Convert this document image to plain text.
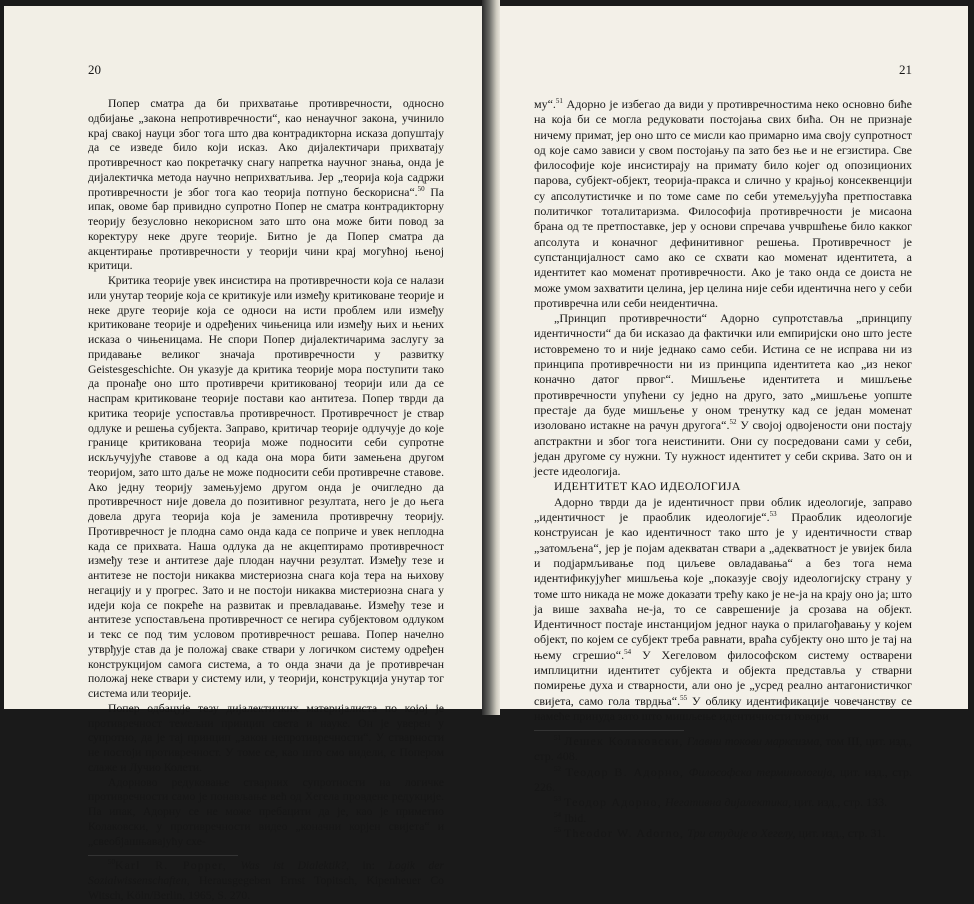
20

Попер сматра да би прихватање противречности, односно одбијање „закона непротивречности“, као ненаучног закона, учинило крај свакој науци због тога што два контрадикторна исказа допуштају да се изведе било који исказ. Ако дијалектичари прихватају противречност као покретачку снагу напретка научног знања, онда је дијалектичка метода научно неприхватљива. Јер „теорија која садржи противречности је због тога као теорија потпуно бескорисна“.$^{50}$ Па ипак, овоме бар привидно супротно Попер не сматра контрадикторну теорију безусловно некорисном зато што она може бити повод за коректуру неке друге теорије. Битно је да Попер сматра да акцентирање противречности у теорији чини крај могућној њеној критици.

Критика теорије увек инсистира на противречности која се налази или унутар теорије која се критикује или између критиковане теорије и неке друге теорије која се односи на исти проблем или између критиковане теорије и одређених чињеница или између њих и њених исказа о чињеницама. Не спори Попер дијалектичарима заслугу за придавање великог значаја противречности у развитку Geistesgeschichte. Он указује да критика теорије мора поступити тако да пронађе оно што противречи критикованој теорији или да се наспрам критиковане теорије постави као антитеза. Попер тврди да критика теорије успоставља противречност. Противречност је ствар одлуке и решења субјекта. Заправо, критичар теорије одлучује до које границе критикована теорија може подносити себи супротне искључујуће ставове а од када она мора бити замењена другом теоријом, зато што даље не може подносити себи противречне ставове. Ако једну теорију замењујемо другом онда је очигледно да противречност није довела до позитивног резултата, него је до њега довела друга теорија која је заменила противречну теорију. Противречност је плодна само онда када се поприче и увек неплодна када се прихвата. Наша одлука да не акцептирамо противречност између тезе и антитезе даје плодан научни резултат. Између тезе и антитезе не постоји никаква мистериозна снага која тера на њихову негацију и у прогрес. Зато и не постоји никаква мистериозна снага у идеји која се покреће на развитак и превладавање. Између тезе и антитезе успостављена противречност се негира субјектовом одлуком и текс се под тим условом противречност решава. Попер начелно утврђује став да је положај сваке ствари у логичком систему одређен конструкцијом самога система, а то онда значи да је противречан положај неке ствари у систему или, у теорији, конструкција унутар тог система или теорије.

Попер одбацује тезу дијалектичких материјалиста по којој је противречност темељни принцип света и науке. Он је уверен у супротно, да је тај принцип „закон непротивречности“. У стварности не постоји противречност. У томе се, као што смо видели, с Попером слаже и Лучио Колети.

Адорново редуковање стварних супротности на логичке противречности само је понављање већ од Хегела провдене редукције. Па ипак, Адорну се не може пребацити да је, као је приметио Колаковски, у противречности видео „коначни корјен свијета“ и „свеобјашњавајућу схе-

$^{50}$Karl R. Popper, Was ist Dialektik?, in: Logik der Sozialwissenschaften, Herausgegeben Ernst Topitsch, Kipenheuer Co Witsch, Köln/Berlin, 1965, S. 270.

21

му“.$^{51}$ Адорно је избегао да види у противречностима неко основно биће на која би се могла редуковати постојања свих бића. Он не признаје ничему примат, јер оно што се мисли као примарно има своју супротност од које само зависи у свом постојању па зато без ње и не егзистира. Све философије које инсистирају на примату било којег од опозиционих парова, субјект-објект, теорија-пракса и слично у крајњој консеквенцији су апсолутистичке и по томе саме по себи утемељујућа претпоставка политичког тоталитаризма. Философија противречности је мисаона брана од те претпоставке, јер у основи спречава учвршћење било какког апсолута и коначног дефинитивног решења. Противречност је супстанцијалност само ако се схвати као моменат идентитета, а идентитет као моменат противречности. Ако је тако онда се доиста не може умом захватити целина, јер целина није себи идентична него у себи противречна или себи неидентична.

„Принцип противречности“ Адорно супротставља „принципу идентичности“ да би исказао да фактички или емпиријски оно што јесте истовремено то и није једнако само себи. Истина се не исправа ни из принципа противречности ни из принципа идентитета као „из неког коначно датог првог“. Мишљење идентитета и мишљење противречности упућени су једно на друго, зато „мишљење уопште престаје да буде мишљење у оном тренутку кад се један моменат изоловано истакне на рачун другога“.$^{52}$ У својој одвојености они постају апстрактни и због тога неистинити. Они су посредовани сами у себи, један другоме су нужни. Ту нужност идентитет у себи скрива. Зато он и јесте идеологија.

ИДЕНТИТЕТ КАО ИДЕОЛОГИЈА

Адорно тврди да је идентичност први облик идеологије, заправо „идентичност је праоблик идеологије“.$^{53}$ Праоблик идеологије конструисан је као идентичност тако што је у идентичности ствар „затомљена“, јер је појам адекватан ствари а „адекватност је увијек била и подјармљивање под циљеве овладавања“ а без тога нема идентификујућег мишљења које „показује своју идеологијску страну у томе што никада не може доказати трећу како је не-ја на крају оно ја; што ја више захваћа не-ја, то се саврешеније ја срозава на објект. Идентичност постаје инстанцијом једног наука о прилагођавању у којем објект, по којем се субјект треба равнати, враћа субјекту оно што је тај на њему сгрешио“.$^{54}$ У Хегеловом философском систему остварени имплицитни идентитет субјекта и објекта представља у стварни помирење духа и стварности, али оно је „усред реално антагонистичког свијета, само гола тврдња“.$^{55}$ У облику идентификације човечанству се намеће принуда зато што мишљење идентичности говори

$^{51}$ Лешек Колаковски, Главни токови марксизма, том III, цит. изд., стр. 408.

$^{52}$ Теодор В. Адорно, Философска терминологија, цит. изд., стр. 226.

$^{53}$ Теодор Адорно, Негативна дијалектика, цит. изд., стр. 133.

$^{54}$ Ibid.

$^{55}$ Theodor W. Adorno, Три студије о Хегелу, цит. изд., стр. 31.
